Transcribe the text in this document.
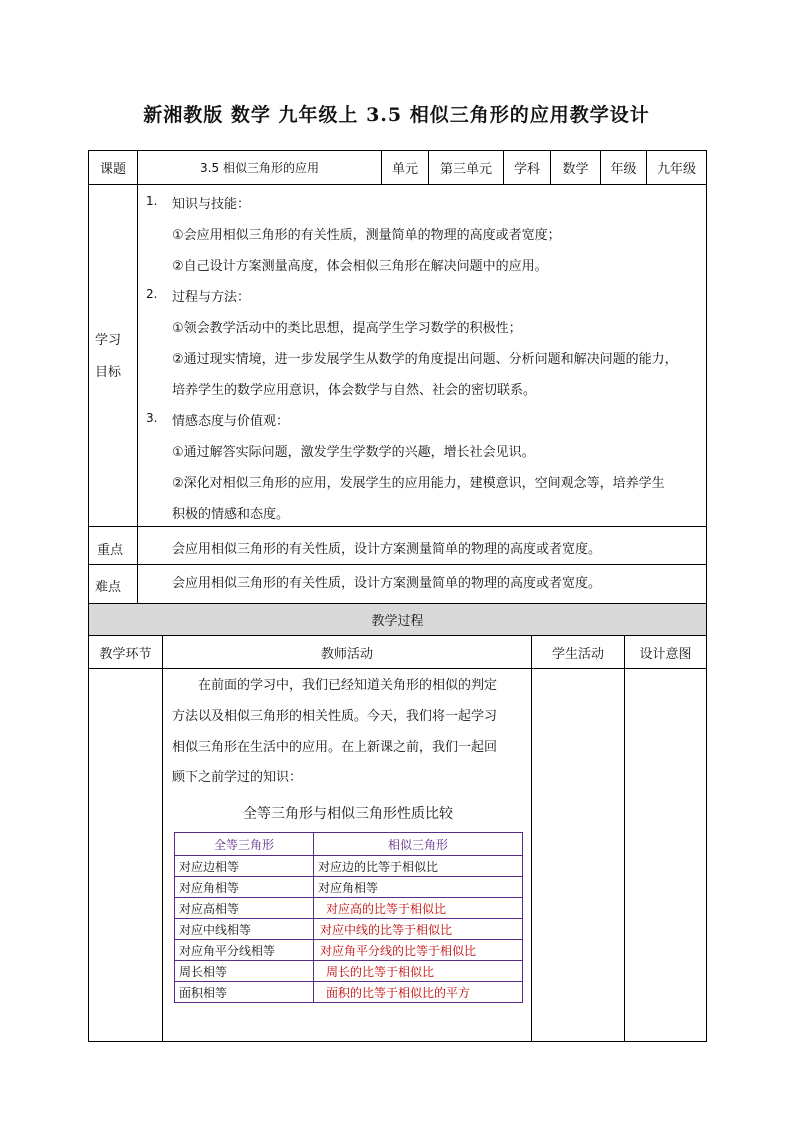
新湘教版 数学 九年级上 3.5 相似三角形的应用教学设计
课题	3.5 相似三角形的应用	单元	第三单元	学科	数学	年级	九年级
学习
目标
1. 知识与技能：
①会应用相似三角形的有关性质，测量简单的物理的高度或者宽度；
②自己设计方案测量高度，体会相似三角形在解决问题中的应用。
2. 过程与方法：
①领会教学活动中的类比思想，提高学生学习数学的积极性；
②通过现实情境，进一步发展学生从数学的角度提出问题、分析问题和解决问题的能力，
培养学生的数学应用意识，体会数学与自然、社会的密切联系。
3. 情感态度与价值观：
①通过解答实际问题，激发学生学数学的兴趣，增长社会见识。
②深化对相似三角形的应用，发展学生的应用能力，建模意识，空间观念等，培养学生
积极的情感和态度。
重点	会应用相似三角形的有关性质，设计方案测量简单的物理的高度或者宽度。
难点	会应用相似三角形的有关性质，设计方案测量简单的物理的高度或者宽度。
教学过程
教学环节	教师活动	学生活动	设计意图
在前面的学习中，我们已经知道关角形的相似的判定
方法以及相似三角形的相关性质。今天，我们将一起学习
相似三角形在生活中的应用。在上新课之前，我们一起回
顾下之前学过的知识：
全等三角形与相似三角形性质比较
全等三角形	相似三角形
对应边相等	对应边的比等于相似比
对应角相等	对应角相等
对应高相等	对应高的比等于相似比
对应中线相等	对应中线的比等于相似比
对应角平分线相等	对应角平分线的比等于相似比
周长相等	周长的比等于相似比
面积相等	面积的比等于相似比的平方
